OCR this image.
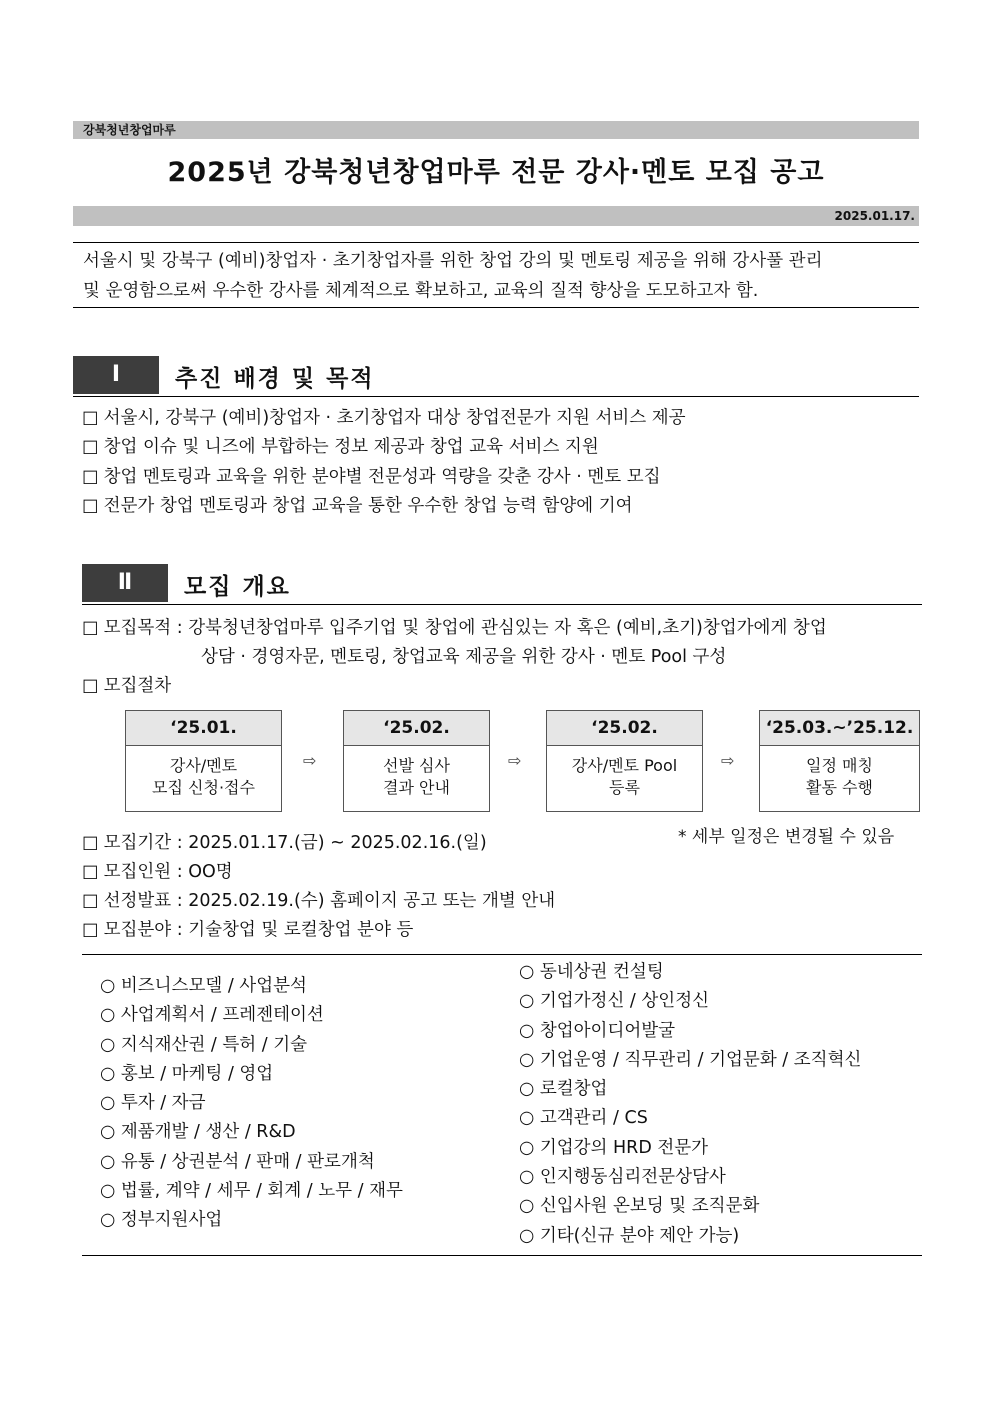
강북청년창업마루
2025년 강북청년창업마루 전문 강사·멘토 모집 공고
2025.01.17.
서울시 및 강북구 (예비)창업자 · 초기창업자를 위한 창업 강의 및 멘토링 제공을 위해 강사풀 관리
및 운영함으로써 우수한 강사를 체계적으로 확보하고, 교육의 질적 향상을 도모하고자 함.
Ⅰ	추진 배경 및 목적
□ 서울시, 강북구 (예비)창업자 · 초기창업자 대상 창업전문가 지원 서비스 제공
□ 창업 이슈 및 니즈에 부합하는 정보 제공과 창업 교육 서비스 지원
□ 창업 멘토링과 교육을 위한 분야별 전문성과 역량을 갖춘 강사 · 멘토 모집
□ 전문가 창업 멘토링과 창업 교육을 통한 우수한 창업 능력 함양에 기여
Ⅱ	모집 개요
□ 모집목적 : 강북청년창업마루 입주기업 및 창업에 관심있는 자 혹은 (예비,초기)창업가에게 창업
상담 · 경영자문, 멘토링, 창업교육 제공을 위한 강사 · 멘토 Pool 구성
□ 모집절차
‘25.01.
강사/멘토
모집 신청·접수
⇨
‘25.02.
선발 심사
결과 안내
⇨
‘25.02.
강사/멘토 Pool
등록
⇨
‘25.03.~’25.12.
일정 매칭
활동 수행
* 세부 일정은 변경될 수 있음
□ 모집기간 : 2025.01.17.(금) ~ 2025.02.16.(일)
□ 모집인원 : OO명
□ 선정발표 : 2025.02.19.(수) 홈페이지 공고 또는 개별 안내
□ 모집분야 : 기술창업 및 로컬창업 분야 등
○ 비즈니스모델 / 사업분석
○ 사업계획서 / 프레젠테이션
○ 지식재산권 / 특허 / 기술
○ 홍보 / 마케팅 / 영업
○ 투자 / 자금
○ 제품개발 / 생산 / R&D
○ 유통 / 상권분석 / 판매 / 판로개척
○ 법률, 계약 / 세무 / 회계 / 노무 / 재무
○ 정부지원사업
○ 동네상권 컨설팅
○ 기업가정신 / 상인정신
○ 창업아이디어발굴
○ 기업운영 / 직무관리 / 기업문화 / 조직혁신
○ 로컬창업
○ 고객관리 / CS
○ 기업강의 HRD 전문가
○ 인지행동심리전문상담사
○ 신입사원 온보딩 및 조직문화
○ 기타(신규 분야 제안 가능)
